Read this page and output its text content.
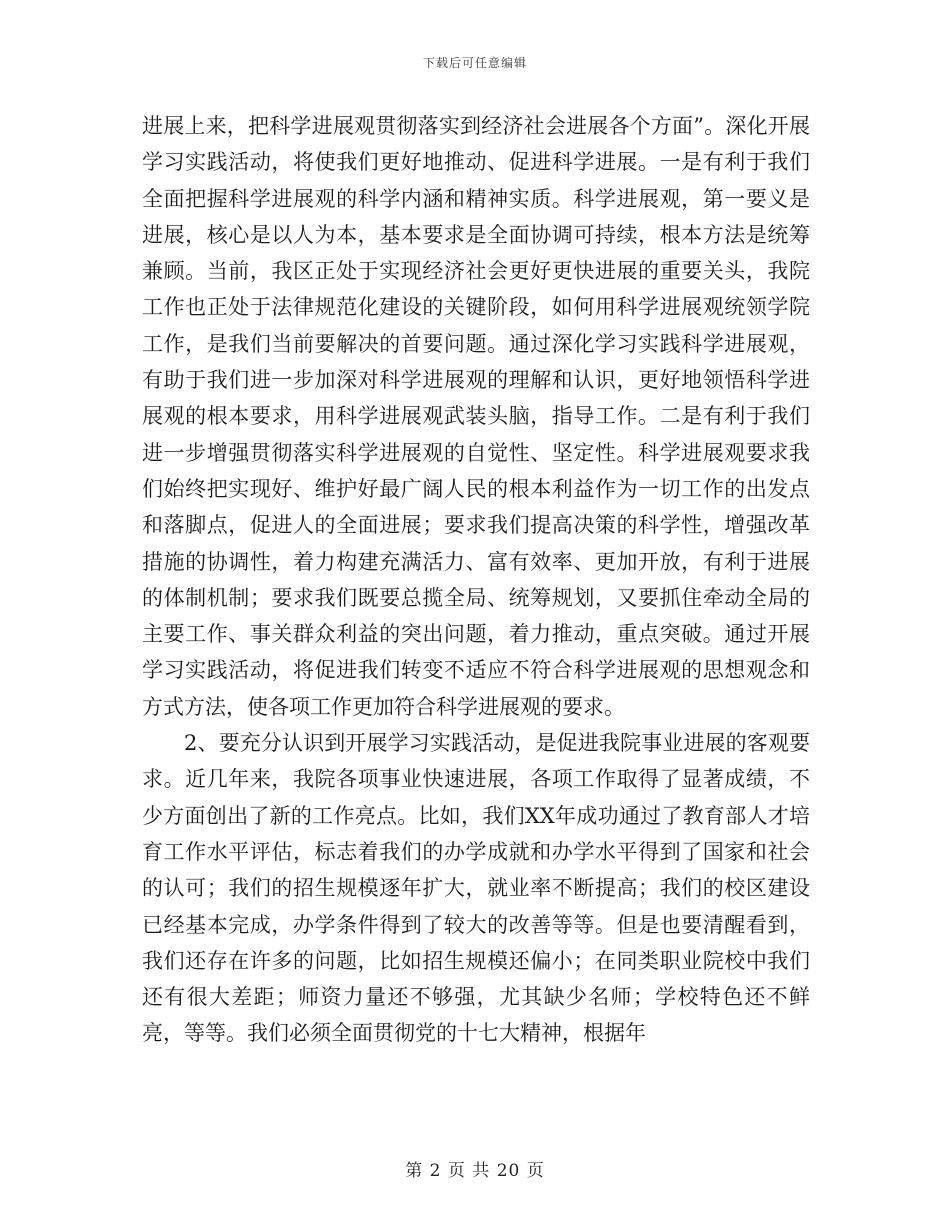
下载后可任意编辑

进展上来，把科学进展观贯彻落实到经济社会进展各个方面”。深化开展学习实践活动，将使我们更好地推动、促进科学进展。一是有利于我们全面把握科学进展观的科学内涵和精神实质。科学进展观，第一要义是进展，核心是以人为本，基本要求是全面协调可持续，根本方法是统筹兼顾。当前，我区正处于实现经济社会更好更快进展的重要关头，我院工作也正处于法律规范化建设的关键阶段，如何用科学进展观统领学院工作，是我们当前要解决的首要问题。通过深化学习实践科学进展观，有助于我们进一步加深对科学进展观的理解和认识，更好地领悟科学进展观的根本要求，用科学进展观武装头脑，指导工作。二是有利于我们进一步增强贯彻落实科学进展观的自觉性、坚定性。科学进展观要求我们始终把实现好、维护好最广阔人民的根本利益作为一切工作的出发点和落脚点，促进人的全面进展；要求我们提高决策的科学性，增强改革措施的协调性，着力构建充满活力、富有效率、更加开放，有利于进展的体制机制；要求我们既要总揽全局、统筹规划，又要抓住牵动全局的主要工作、事关群众利益的突出问题，着力推动，重点突破。通过开展学习实践活动，将促进我们转变不适应不符合科学进展观的思想观念和方式方法，使各项工作更加符合科学进展观的要求。

2、要充分认识到开展学习实践活动，是促进我院事业进展的客观要求。近几年来，我院各项事业快速进展，各项工作取得了显著成绩，不少方面创出了新的工作亮点。比如，我们XX年成功通过了教育部人才培育工作水平评估，标志着我们的办学成就和办学水平得到了国家和社会的认可；我们的招生规模逐年扩大，就业率不断提高；我们的校区建设已经基本完成，办学条件得到了较大的改善等等。但是也要清醒看到，我们还存在许多的问题，比如招生规模还偏小；在同类职业院校中我们还有很大差距；师资力量还不够强，尤其缺少名师；学校特色还不鲜亮，等等。我们必须全面贯彻党的十七大精神，根据年

第 2 页 共 20 页
